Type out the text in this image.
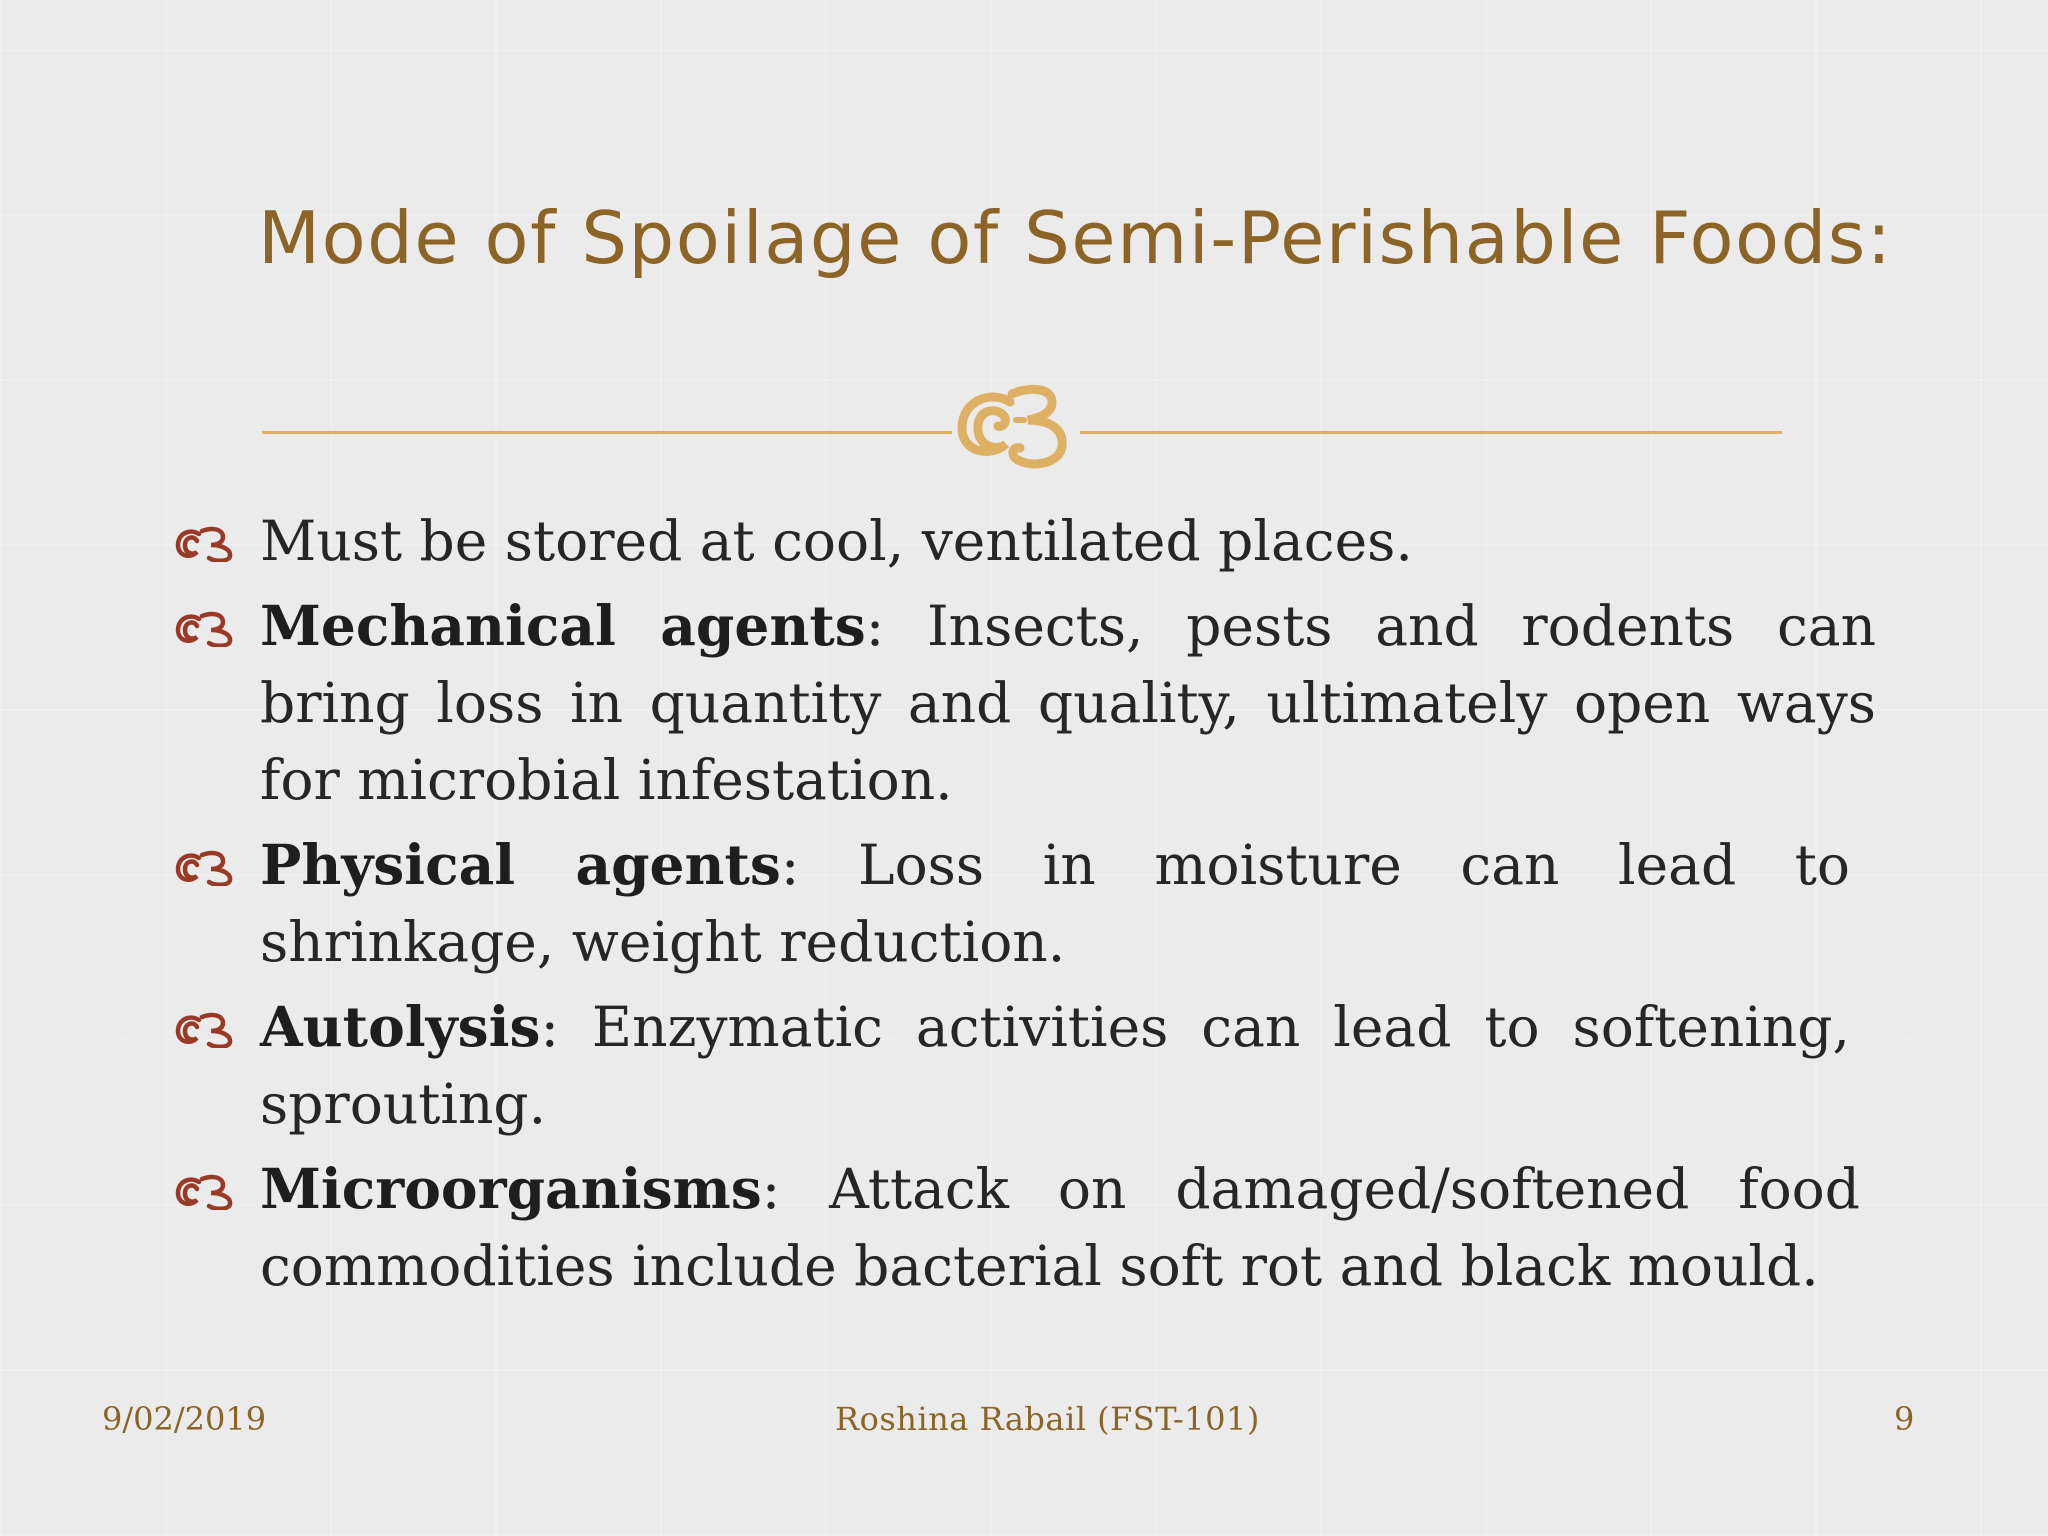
Mode of Spoilage of Semi-Perishable Foods:
Must be stored at cool, ventilated places.
Mechanical agents: Insects, pests and rodents can bring loss in quantity and quality, ultimately open ways for microbial infestation.
Physical agents: Loss in moisture can lead to shrinkage, weight reduction.
Autolysis: Enzymatic activities can lead to softening, sprouting.
Microorganisms: Attack on damaged/softened food commodities include bacterial soft rot and black mould.
9/02/2019	Roshina Rabail (FST-101)	9
